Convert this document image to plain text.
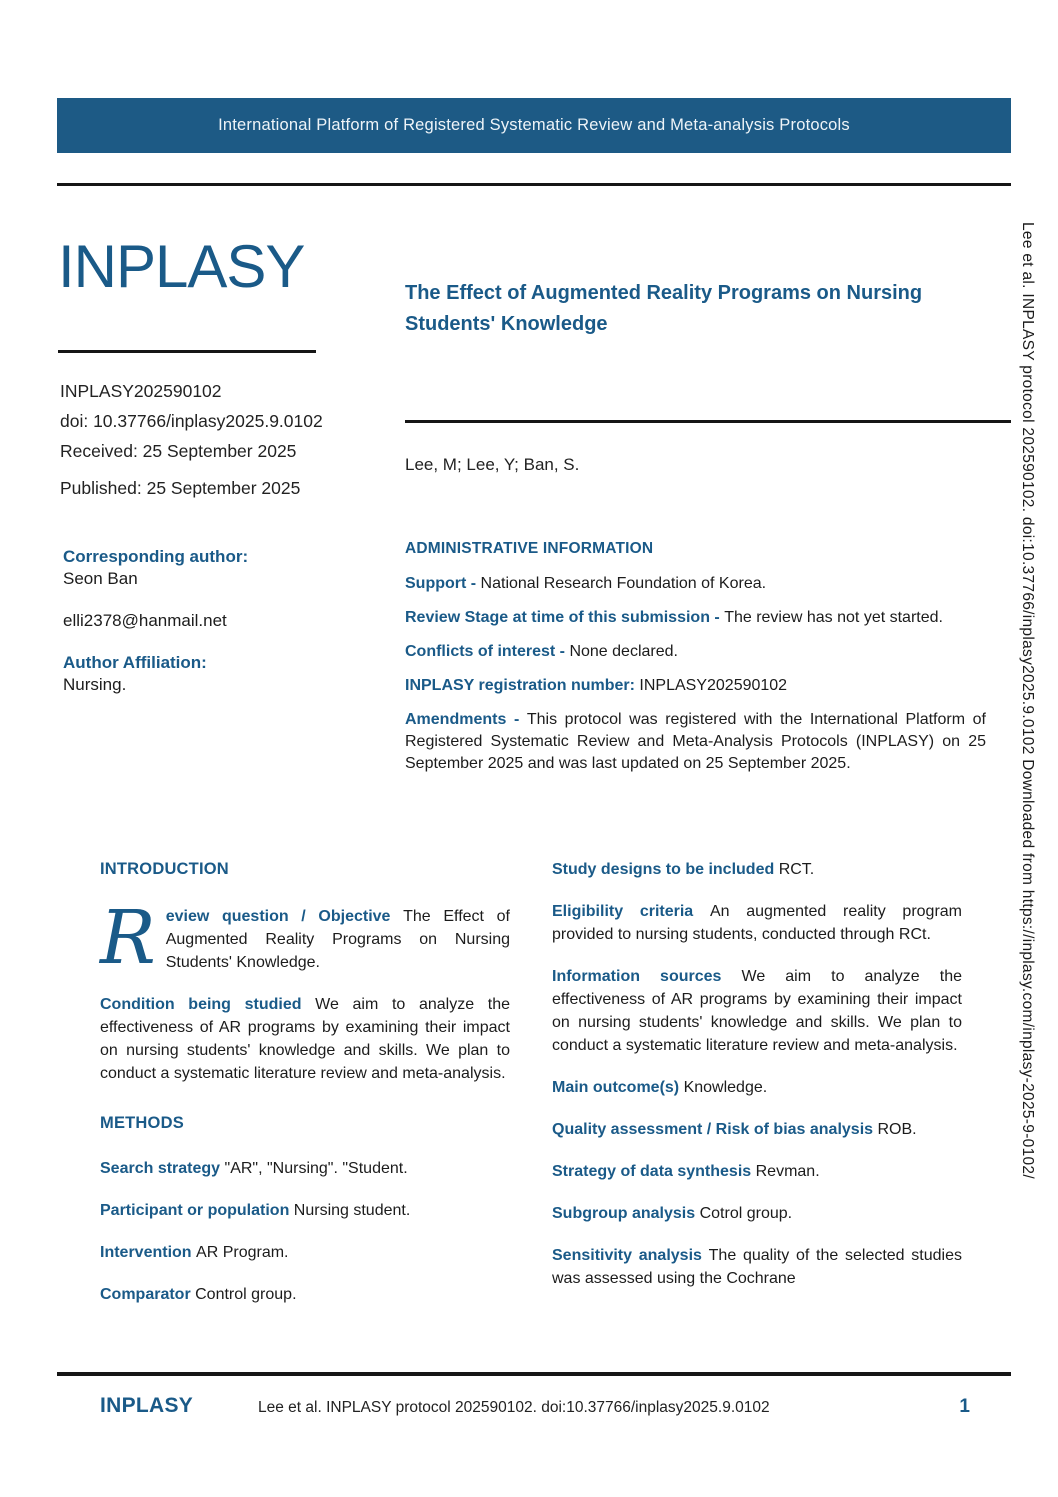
International Platform of Registered Systematic Review and Meta-analysis Protocols
INPLASY

INPLASY202590102

doi: 10.37766/inplasy2025.9.0102

Received: 25 September 2025

Published: 25 September 2025

Corresponding author:

Seon Ban

elli2378@hanmail.net

Author Affiliation:

Nursing.

The Effect of Augmented Reality Programs on Nursing Students' Knowledge
Lee, M; Lee, Y; Ban, S.
ADMINISTRATIVE INFORMATION

Support - National Research Foundation of Korea.

Review Stage at time of this submission - The review has not yet started.

Conflicts of interest - None declared.

INPLASY registration number: INPLASY202590102

Amendments - This protocol was registered with the International Platform of Registered Systematic Review and Meta-Analysis Protocols (INPLASY) on 25 September 2025 and was last updated on 25 September 2025.

INTRODUCTION

Review question / Objective The Effect of Augmented Reality Programs on Nursing Students' Knowledge.

Condition being studied We aim to analyze the effectiveness of AR programs by examining their impact on nursing students' knowledge and skills. We plan to conduct a systematic literature review and meta-analysis.

METHODS

Search strategy "AR", "Nursing". "Student.

Participant or population Nursing student.

Intervention AR Program.

Comparator Control group.

Study designs to be included RCT.

Eligibility criteria An augmented reality program provided to nursing students, conducted through RCt.

Information sources We aim to analyze the effectiveness of AR programs by examining their impact on nursing students' knowledge and skills. We plan to conduct a systematic literature review and meta-analysis.

Main outcome(s) Knowledge.

Quality assessment / Risk of bias analysis ROB.

Strategy of data synthesis Revman.

Subgroup analysis Cotrol group.

Sensitivity analysis The quality of the selected studies was assessed using the Cochrane

Lee et al. INPLASY protocol 202590102. doi:10.37766/inplasy2025.9.0102 Downloaded from https://inplasy.com/inplasy-2025-9-0102/
INPLASY	Lee et al. INPLASY protocol 202590102. doi:10.37766/inplasy2025.9.0102	1
